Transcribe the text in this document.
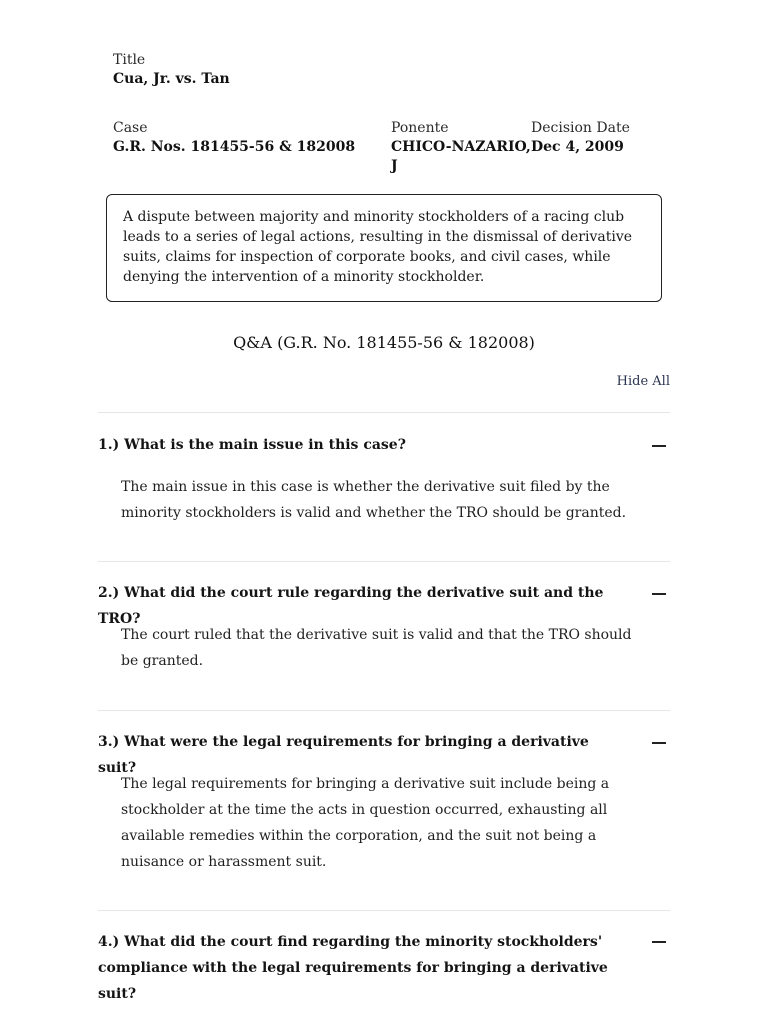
Title
Cua, Jr. vs. Tan
Case
G.R. Nos. 181455-56 & 182008
Ponente
CHICO-NAZARIO,
J
Decision Date
Dec 4, 2009
A dispute between majority and minority stockholders of a racing club leads to a series of legal actions, resulting in the dismissal of derivative suits, claims for inspection of corporate books, and civil cases, while denying the intervention of a minority stockholder.
Q&A (G.R. No. 181455-56 & 182008)
Hide All
1.) What is the main issue in this case?
The main issue in this case is whether the derivative suit filed by the minority stockholders is valid and whether the TRO should be granted.
2.) What did the court rule regarding the derivative suit and the TRO?
The court ruled that the derivative suit is valid and that the TRO should be granted.
3.) What were the legal requirements for bringing a derivative suit?
The legal requirements for bringing a derivative suit include being a stockholder at the time the acts in question occurred, exhausting all available remedies within the corporation, and the suit not being a nuisance or harassment suit.
4.) What did the court find regarding the minority stockholders' compliance with the legal requirements for bringing a derivative suit?
